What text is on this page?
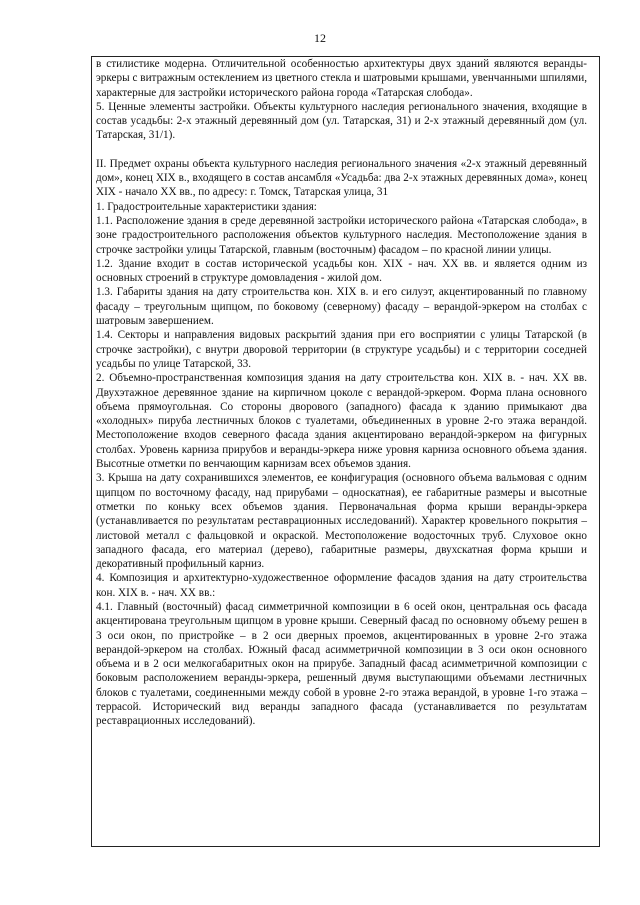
12

в стилистике модерна. Отличительной особенностью архитектуры двух зданий являются веранды-эркеры с витражным остеклением из цветного стекла и шатровыми крышами, увенчанными шпилями, характерные для застройки исторического района города «Татарская слобода».

5. Ценные элементы застройки. Объекты культурного наследия регионального значения, входящие в состав усадьбы: 2-х этажный деревянный дом (ул. Татарская, 31) и 2-х этажный деревянный дом (ул. Татарская, 31/1).

II. Предмет охраны объекта культурного наследия регионального значения «2-х этажный деревянный дом», конец XIX в., входящего в состав ансамбля «Усадьба: два 2-х этажных деревянных дома», конец XIX - начало XX вв., по адресу: г. Томск, Татарская улица, 31

1. Градостроительные характеристики здания:

1.1. Расположение здания в среде деревянной застройки исторического района «Татарская слобода», в зоне градостроительного расположения объектов культурного наследия. Местоположение здания в строчке застройки улицы Татарской, главным (восточным) фасадом – по красной линии улицы.

1.2. Здание входит в состав исторической усадьбы кон. XIX - нач. XX вв. и является одним из основных строений в структуре домовладения - жилой дом.

1.3. Габариты здания на дату строительства кон. XIX в. и его силуэт, акцентированный по главному фасаду – треугольным щипцом, по боковому (северному) фасаду – верандой-эркером на столбах с шатровым завершением.

1.4. Секторы и направления видовых раскрытий здания при его восприятии с улицы Татарской (в строчке застройки), с внутри дворовой территории (в структуре усадьбы) и с территории соседней усадьбы по улице Татарской, 33.

2. Объемно-пространственная композиция здания на дату строительства кон. XIX в. - нач. XX вв. Двухэтажное деревянное здание на кирпичном цоколе с верандой-эркером. Форма плана основного объема прямоугольная. Со стороны дворового (западного) фасада к зданию примыкают два «холодных» пируба лестничных блоков с туалетами, объединенных в уровне 2-го этажа верандой. Местоположение входов северного фасада здания акцентировано верандой-эркером на фигурных столбах. Уровень карниза прирубов и веранды-эркера ниже уровня карниза основного объема здания. Высотные отметки по венчающим карнизам всех объемов здания.

3. Крыша на дату сохранившихся элементов, ее конфигурация (основного объема вальмовая с одним щипцом по восточному фасаду, над прирубами – односкатная), ее габаритные размеры и высотные отметки по коньку всех объемов здания. Первоначальная форма крыши веранды-эркера (устанавливается по результатам реставрационных исследований). Характер кровельного покрытия – листовой металл с фальцовкой и окраской. Местоположение водосточных труб. Слуховое окно западного фасада, его материал (дерево), габаритные размеры, двухскатная форма крыши и декоративный профильный карниз.

4. Композиция и архитектурно-художественное оформление фасадов здания на дату строительства кон. XIX в. - нач. XX вв.:

4.1. Главный (восточный) фасад симметричной композиции в 6 осей окон, центральная ось фасада акцентирована треугольным щипцом в уровне крыши. Северный фасад по основному объему решен в 3 оси окон, по пристройке – в 2 оси дверных проемов, акцентированных в уровне 2-го этажа верандой-эркером на столбах. Южный фасад асимметричной композиции в 3 оси окон основного объема и в 2 оси мелкогабаритных окон на прирубе. Западный фасад асимметричной композиции с боковым расположением веранды-эркера, решенный двумя выступающими объемами лестничных блоков с туалетами, соединенными между собой в уровне 2-го этажа верандой, в уровне 1-го этажа – террасой. Исторический вид веранды западного фасада (устанавливается по результатам реставрационных исследований).
